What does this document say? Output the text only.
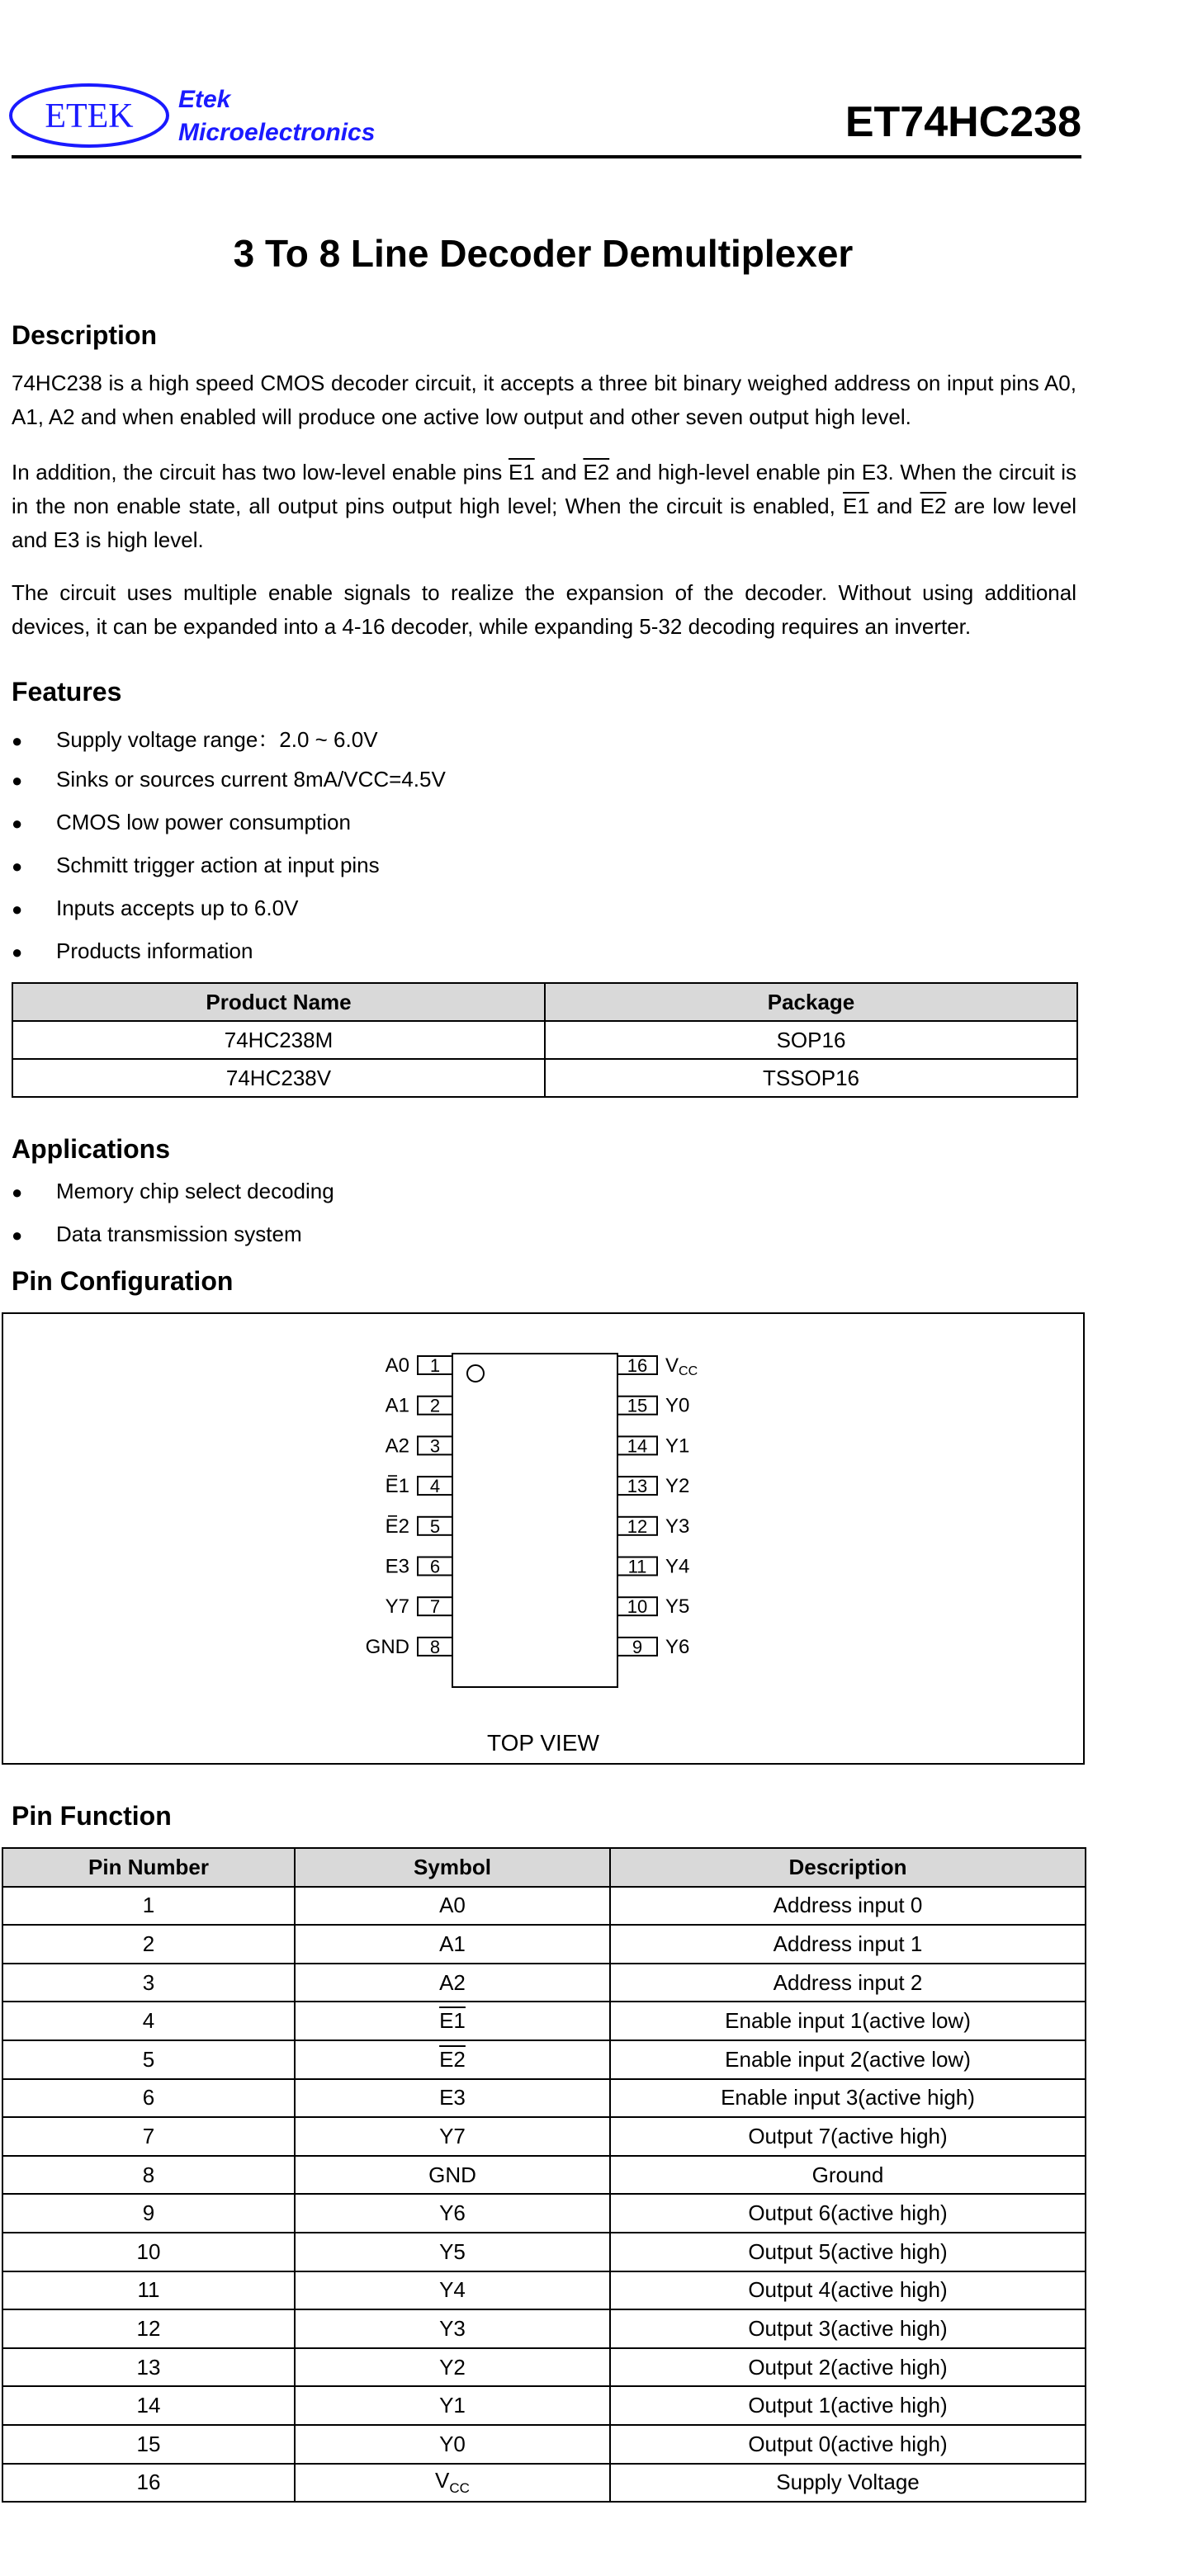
ETEK Etek
Microelectronics	ET74HC238
3 To 8 Line Decoder Demultiplexer
Description
74HC238 is a high speed CMOS decoder circuit, it accepts a three bit binary weighed address on input pins A0, A1, A2 and when enabled will produce one active low output and other seven output high level.
In addition, the circuit has two low-level enable pins E1 and E2 and high-level enable pin E3. When the circuit is in the non enable state, all output pins output high level; When the circuit is enabled, E1 and E2 are low level and E3 is high level.
The circuit uses multiple enable signals to realize the expansion of the decoder. Without using additional devices, it can be expanded into a 4-16 decoder, while expanding 5-32 decoding requires an inverter.
Features
● Supply voltage range：2.0 ~ 6.0V
● Sinks or sources current 8mA/VCC=4.5V
● CMOS low power consumption
● Schmitt trigger action at input pins
● Inputs accepts up to 6.0V
● Products information
Product Name	Package
74HC238M	SOP16
74HC238V	TSSOP16
Applications
● Memory chip select decoding
● Data transmission system
Pin Configuration
1
A0
2
A1
3
A2
4
E1
5
E2
6
E3
7
Y7
8
GND
16 VCC
15 Y0
14 Y1
13 Y2
12 Y3
11 Y4
10 Y5
9 Y6
TOP VIEW
Pin Function
Pin Number	Symbol	Description
1	A0	Address input 0
2	A1	Address input 1
3	A2	Address input 2
4	E1	Enable input 1(active low)
5	E2	Enable input 2(active low)
6	E3	Enable input 3(active high)
7	Y7	Output 7(active high)
8	GND	Ground
9	Y6	Output 6(active high)
10	Y5	Output 5(active high)
11	Y4	Output 4(active high)
12	Y3	Output 3(active high)
13	Y2	Output 2(active high)
14	Y1	Output 1(active high)
15	Y0	Output 0(active high)
16	$V_{CC}$	Supply Voltage
